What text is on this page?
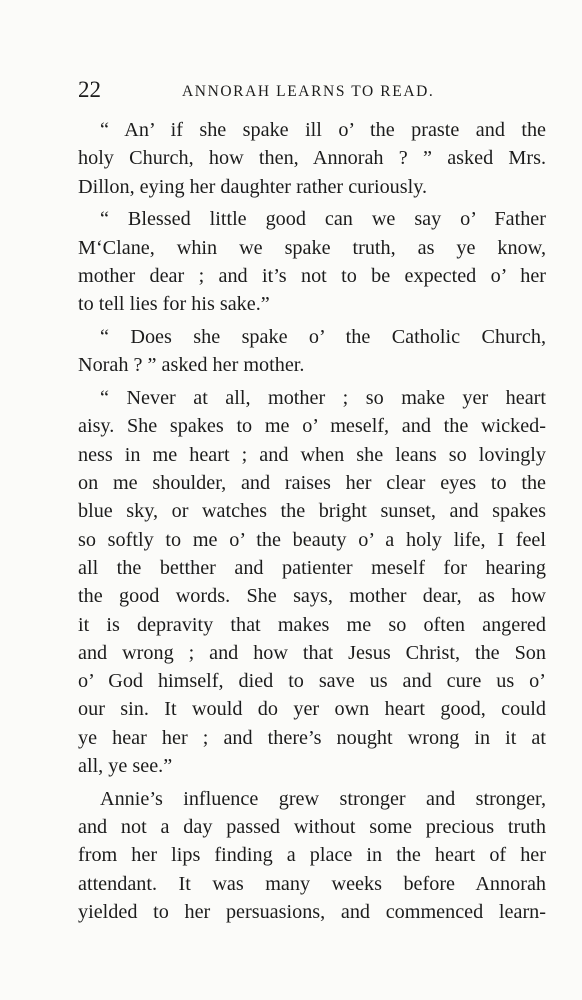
22	ANNORAH LEARNS TO READ.
“ An’ if she spake ill o’ the praste and the
holy Church, how then, Annorah ? ” asked Mrs.
Dillon, eying her daughter rather curiously.
“ Blessed little good can we say o’ Father
M‘Clane, whin we spake truth, as ye know,
mother dear ; and it’s not to be expected o’ her
to tell lies for his sake.”
“ Does she spake o’ the Catholic Church,
Norah ? ” asked her mother.
“ Never at all, mother ; so make yer heart
aisy. She spakes to me o’ meself, and the wicked-
ness in me heart ; and when she leans so lovingly
on me shoulder, and raises her clear eyes to the
blue sky, or watches the bright sunset, and spakes
so softly to me o’ the beauty o’ a holy life, I feel
all the betther and patienter meself for hearing
the good words. She says, mother dear, as how
it is depravity that makes me so often angered
and wrong ; and how that Jesus Christ, the Son
o’ God himself, died to save us and cure us o’
our sin. It would do yer own heart good, could
ye hear her ; and there’s nought wrong in it at
all, ye see.”
Annie’s influence grew stronger and stronger,
and not a day passed without some precious truth
from her lips finding a place in the heart of her
attendant. It was many weeks before Annorah
yielded to her persuasions, and commenced learn-
